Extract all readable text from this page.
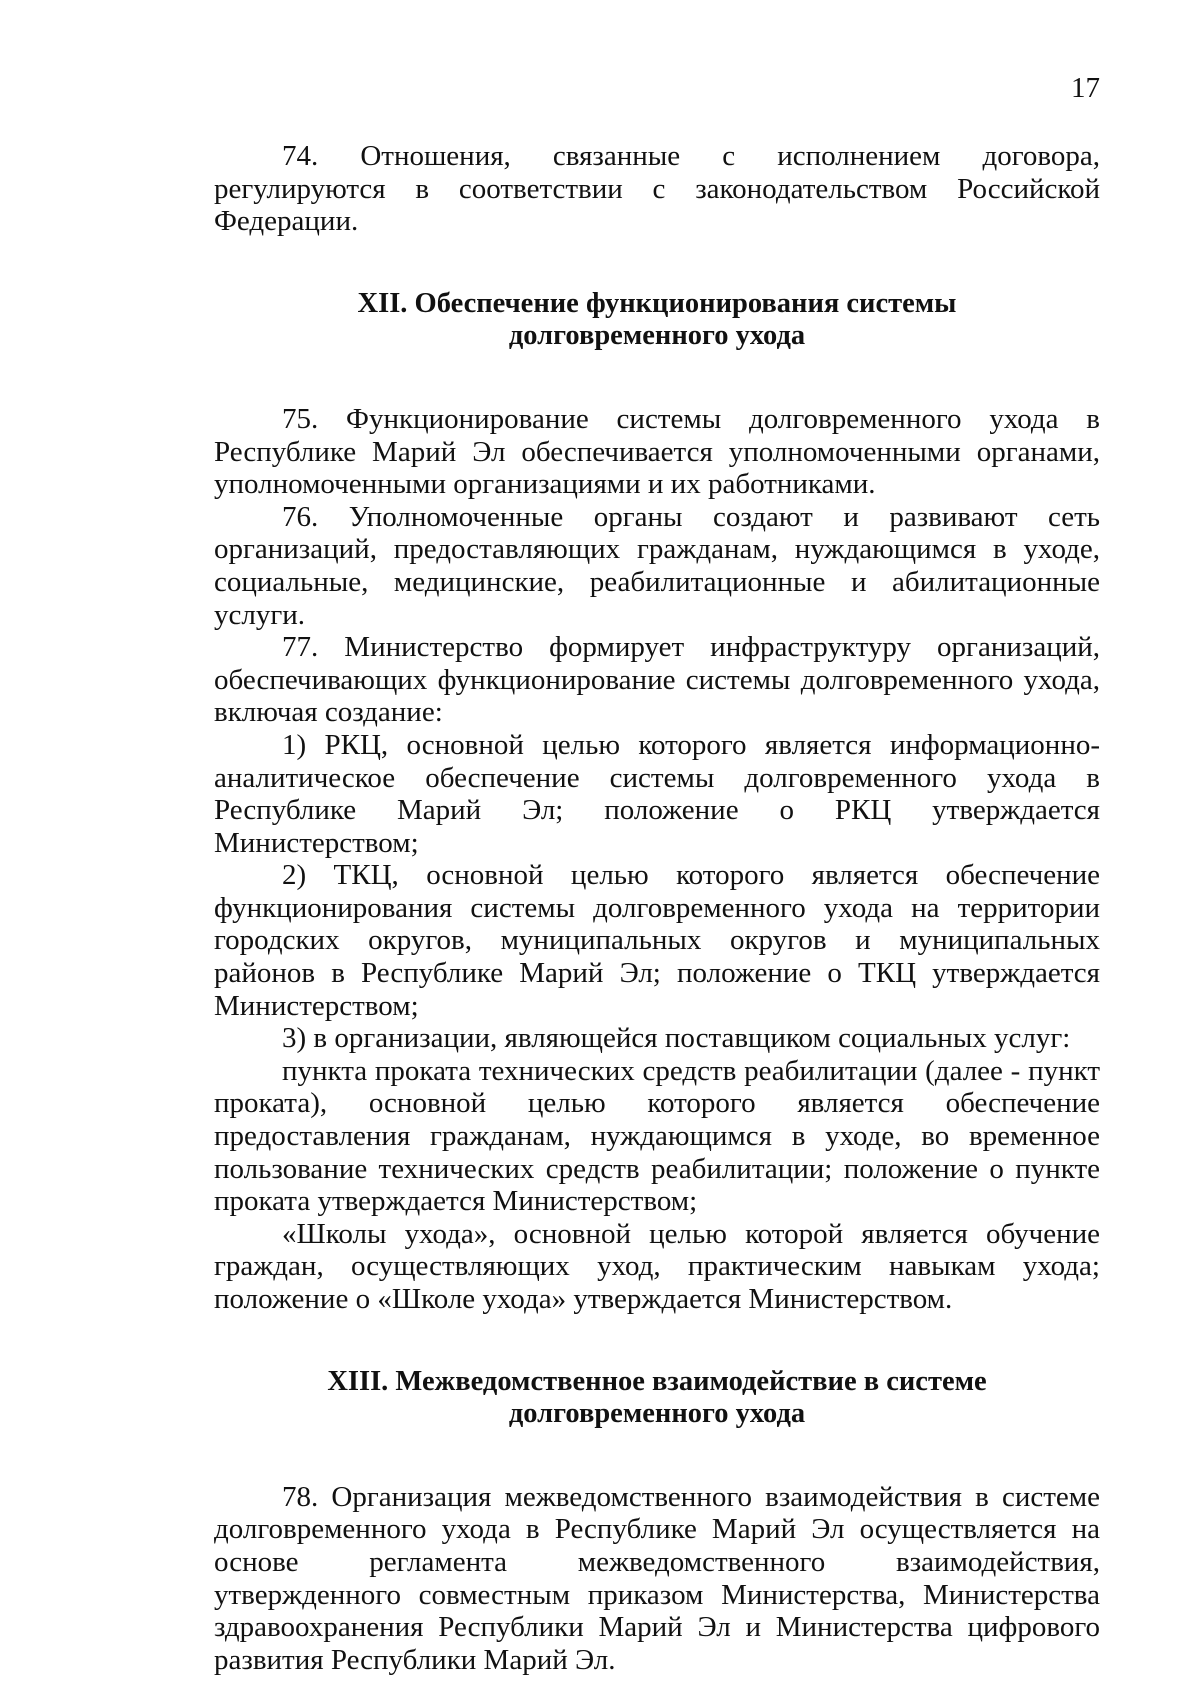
17

74. Отношения, связанные с исполнением договора, регулируются в соответствии с законодательством Российской Федерации.

XII. Обеспечение функционирования системы
долговременного ухода

75. Функционирование системы долговременного ухода в Республике Марий Эл обеспечивается уполномоченными органами, уполномоченными организациями и их работниками.

76. Уполномоченные органы создают и развивают сеть организаций, предоставляющих гражданам, нуждающимся в уходе, социальные, медицинские, реабилитационные и абилитационные услуги.

77. Министерство формирует инфраструктуру организаций, обеспечивающих функционирование системы долговременного ухода, включая создание:

1) РКЦ, основной целью которого является информационно-аналитическое обеспечение системы долговременного ухода в Республике Марий Эл; положение о РКЦ утверждается Министерством;

2) ТКЦ, основной целью которого является обеспечение функционирования системы долговременного ухода на территории городских округов, муниципальных округов и муниципальных районов в Республике Марий Эл; положение о ТКЦ утверждается Министерством;

3) в организации, являющейся поставщиком социальных услуг:

пункта проката технических средств реабилитации (далее - пункт проката), основной целью которого является обеспечение предоставления гражданам, нуждающимся в уходе, во временное пользование технических средств реабилитации; положение о пункте проката утверждается Министерством;

«Школы ухода», основной целью которой является обучение граждан, осуществляющих уход, практическим навыкам ухода; положение о «Школе ухода» утверждается Министерством.

XIII. Межведомственное взаимодействие в системе
долговременного ухода

78. Организация межведомственного взаимодействия в системе долговременного ухода в Республике Марий Эл осуществляется на основе регламента межведомственного взаимодействия, утвержденного совместным приказом Министерства, Министерства здравоохранения Республики Марий Эл и Министерства цифрового развития Республики Марий Эл.
